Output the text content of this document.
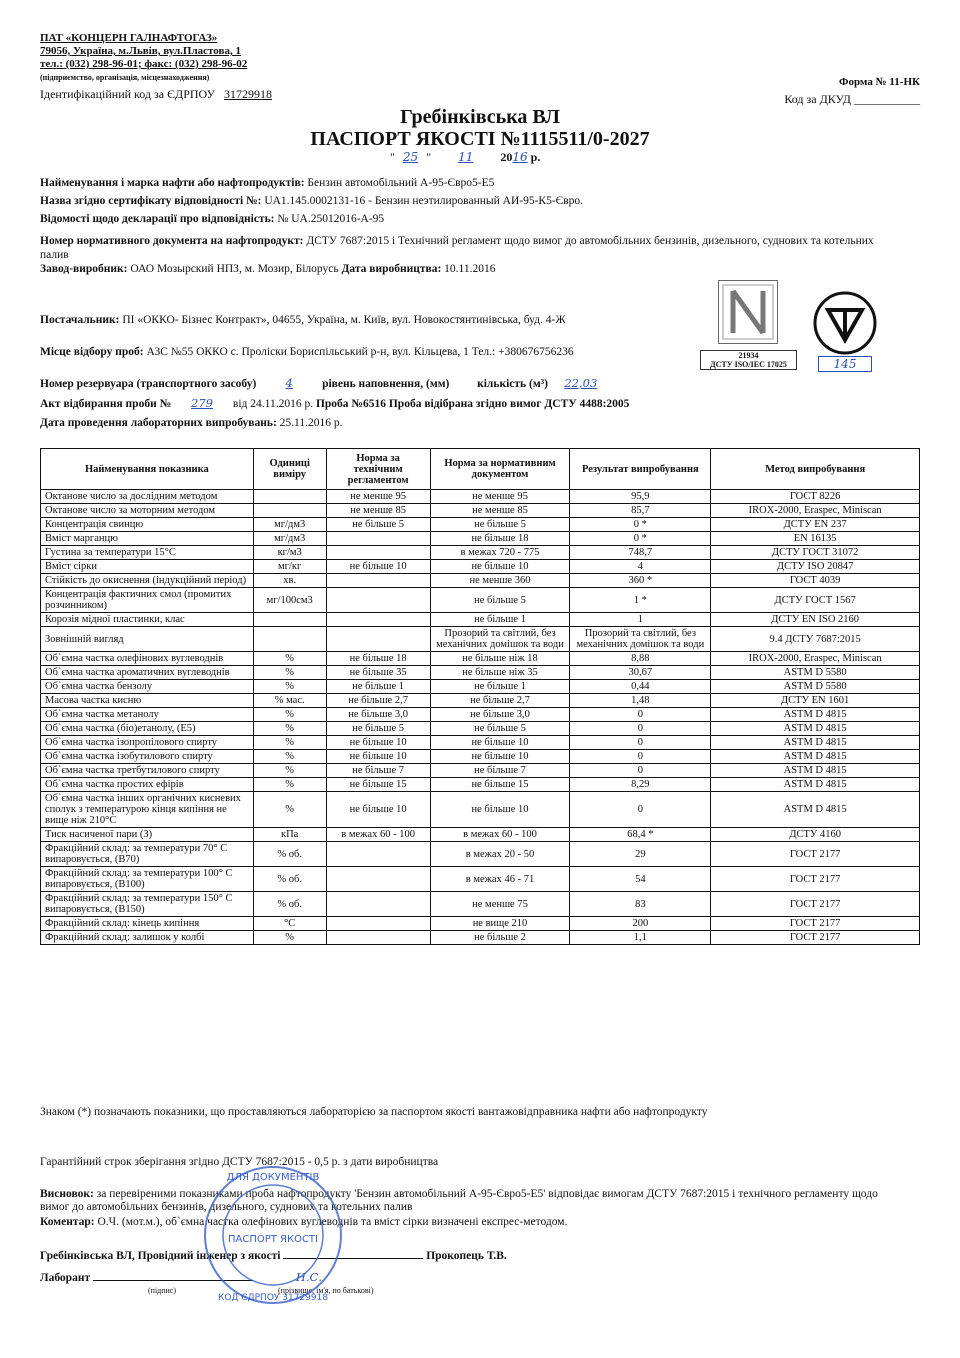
ПАТ «КОНЦЕРН ГАЛНАФТОГАЗ»
79056, Україна, м.Львів, вул.Пластова, 1
тел.: (032) 298-96-01; факс: (032) 298-96-02
(підприємство, організація, місцезнаходження)
Ідентифікаційний код за ЄДРПОУ 31729918
Форма № 11-НК
Код за ДКУД ___________
Гребінківська ВЛ
ПАСПОРТ ЯКОСТІ №1115511/0-2027
" 25 " 11 2016 р.
Найменування і марка нафти або нафтопродуктів: Бензин автомобільний А-95-Євро5-Е5
Назва згідно сертифікату відповідності №: UA1.145.0002131-16 - Бензин неэтилированный АИ-95-К5-Євро.
Відомості щодо декларації про відповідність: № UA.25012016-А-95
Номер нормативного документа на нафтопродукт: ДСТУ 7687:2015 і Технічний регламент щодо вимог до автомобільних бензинів, дизельного, суднових та котельних палив
Завод-виробник: ОАО Мозырский НПЗ, м. Мозир, Білорусь Дата виробництва: 10.11.2016
21934
ДСТУ ISO/IEC 17025	145
Постачальник: ПІ «ОККО- Бізнес Контракт», 04655, Україна, м. Київ, вул. Новокостянтинівська, буд. 4-Ж
Місце відбору проб: АЗС №55 ОККО с. Пролiски Бориспільський р-н, вул. Кільцева, 1 Тел.: +380676756236
Номер резервуара (транспортного засобу)	4	рівень наповнення, (мм) кількість (м³) 22,03
Акт відбирання проби № 279 від 24.11.2016 р. Проба №6516 Проба відібрана згідно вимог ДСТУ 4488:2005
Дата проведення лабораторних випробувань: 25.11.2016 р.
Найменування показника	Одиниці виміру	Норма за технічним регламентом	Норма за нормативним документом	Результат випробування	Метод випробування
Октанове число за дослідним методом		не менше 95	не менше 95	95,9	ГОСТ 8226
Октанове число за моторним методом		не менше 85	не менше 85	85,7	IROX-2000, Eraspec, Miniscan
Концентрація свинцю	мг/дм3	не більше 5	не більше 5	0 *	ДСТУ EN 237
Вміст марганцю	мг/дм3		не більше 18	0 *	EN 16135
Густина за температури 15°С	кг/м3		в межах 720 - 775	748,7	ДСТУ ГОСТ 31072
Вміст сірки	мг/кг	не більше 10	не більше 10	4	ДСТУ ISO 20847
Стійкість до окиснення (індукційний період)	хв.		не менше 360	360 *	ГОСТ 4039
Концентрація фактичних смол (промитих розчинником)	мг/100см3		не більше 5	1 *	ДСТУ ГОСТ 1567
Корозія мідної пластинки, клас			не більше 1	1	ДСТУ EN ISO 2160
Зовнішній вигляд			Прозорий та світлий, без механічних домішок та води	Прозорий та світлий, без механічних домішок та води	9.4 ДСТУ 7687:2015
Об`ємна частка олефінових вуглеводнів	%	не більше 18	не більше ніж 18	8,88	IROX-2000, Eraspec, Miniscan
Об`ємна частка ароматичних вуглеводнів	%	не більше 35	не більше ніж 35	30,67	ASTM D 5580
Об`ємна частка бензолу	%	не більше 1	не більше 1	0,44	ASTM D 5580
Масова частка кисню	% мас.	не більше 2,7	не більше 2,7	1,48	ДСТУ EN 1601
Об`ємна частка метанолу	%	не більше 3,0	не більше 3,0	0	ASTM D 4815
Об`ємна частка (біо)етанолу, (Е5)	%	не більше 5	не більше 5	0	ASTM D 4815
Об`ємна частка ізопропілового спирту	%	не більше 10	не більше 10	0	ASTM D 4815
Об`ємна частка ізобутилового спирту	%	не більше 10	не більше 10	0	ASTM D 4815
Об`ємна частка третбутилового спирту	%	не більше 7	не більше 7	0	ASTM D 4815
Об`ємна частка простих ефірів	%	не більше 15	не більше 15	8,29	ASTM D 4815
Об`ємна частка інших органічних кисневих сполук з температурою кінця кипіння не вище ніж 210°С	%	не більше 10	не більше 10	0	ASTM D 4815
Тиск насиченої пари (З)	кПа	в межах 60 - 100	в межах 60 - 100	68,4 *	ДСТУ 4160
Фракційний склад: за температури 70° С випаровується, (В70)	% об.		в межах 20 - 50	29	ГОСТ 2177
Фракційний склад: за температури 100° С випаровується, (В100)	% об.		в межах 46 - 71	54	ГОСТ 2177
Фракційний склад: за температури 150° С випаровується, (В150)	% об.		не менше 75	83	ГОСТ 2177
Фракційний склад: кінець кипіння	°С		не вище 210	200	ГОСТ 2177
Фракційний склад: залишок у колбі	%		не більше 2	1,1	ГОСТ 2177
Знаком (*) позначають показники, що проставляються лабораторією за паспортом якості вантажовідправника нафти або нафтопродукту
Гарантійний строк зберігання згідно ДСТУ 7687:2015 - 0,5 р. з дати виробництва
Висновок: за перевіреними показниками проба нафтопродукту 'Бензин автомобільний А-95-Євро5-Е5' відповідає вимогам ДСТУ 7687:2015 і технічного регламенту щодо вимог до автомобільних бензинів, дизельного, суднових та котельних палив
Коментар: О.Ч. (мот.м.), об`ємна частка олефінових вуглеводнів та вміст сірки визначені експрес-методом.
Гребінківська ВЛ, Провідний інженер з якості	Прокопець Т.В.
Лаборант	Н.С.
(підпис)	(прізвище, ім'я, по батькові)
ДЛЯ ДОКУМЕНТІВ
ПАСПОРТ ЯКОСТІ
КОД ЄДРПОУ 31729918
